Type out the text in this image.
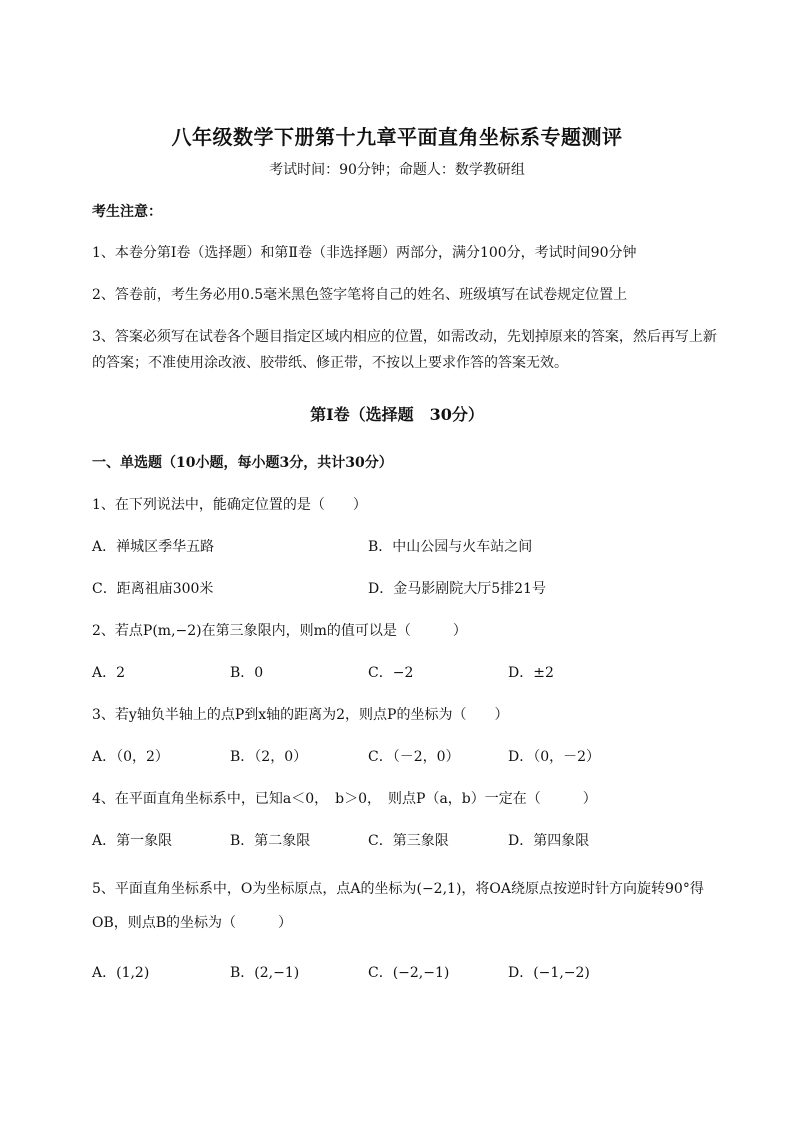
八年级数学下册第十九章平面直角坐标系专题测评
考试时间：90分钟；命题人：数学教研组
考生注意：
1、本卷分第Ⅰ卷（选择题）和第Ⅱ卷（非选择题）两部分，满分100分，考试时间90分钟
2、答卷前，考生务必用0.5毫米黑色签字笔将自己的姓名、班级填写在试卷规定位置上
3、答案必须写在试卷各个题目指定区域内相应的位置，如需改动，先划掉原来的答案，然后再写上新
的答案；不准使用涂改液、胶带纸、修正带，不按以上要求作答的答案无效。
第Ⅰ卷（选择题　30分）
一、单选题（10小题，每小题3分，共计30分）
1、在下列说法中，能确定位置的是（　　）
A．禅城区季华五路	B．中山公园与火车站之间
C．距离祖庙300米	D．金马影剧院大厅5排21号
2、若点P(m,−2)在第三象限内，则m的值可以是（　　　）
A．2	B．0	C．−2	D．±2
3、若y轴负半轴上的点P到x轴的距离为2，则点P的坐标为（　　）
A．（0，2）	B．（2，0）	C．（－2，0）	D．（0，－2）
4、在平面直角坐标系中，已知a＜0，　b＞0，　则点P（a，b）一定在（　　　）
A．第一象限	B．第二象限	C．第三象限	D．第四象限
5、平面直角坐标系中，O为坐标原点，点A的坐标为(−2,1)，将OA绕原点按逆时针方向旋转90°得
OB，则点B的坐标为（　　　）
A．(1,2)	B．(2,−1)	C．(−2,−1)	D．(−1,−2)
